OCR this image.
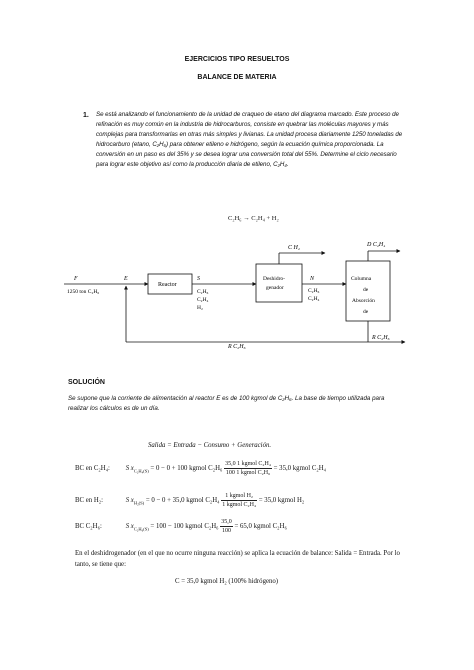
EJERCICIOS TIPO RESUELTOS
BALANCE DE MATERIA
1. Se está analizando el funcionamiento de la unidad de craqueo de etano del diagrama marcado. Este proceso de refinación es muy común en la industria de hidrocarburos, consiste en quebrar las moléculas mayores y más complejas para transformarlas en otras más simples y livianas. La unidad procesa diariamente 1250 toneladas de hidrocarburo (etano, C₂H₆) para obtener etileno e hidrógeno, según la ecuación química proporcionada. La conversión en un paso es del 35% y se desea lograr una conversión total del 55%. Determine el ciclo necesario para lograr este objetivo así como la producción diaria de etileno, C₂H₄.
C₂H₆ → C₂H₄ + H₂
F
1250 ton C₂H₆
E
Reactor
S
C₂H₆
C₂H₄
H₂
Deshidro-
genador
C H₂
N
C₂H₆
C₂H₄
Columna
de
Absorción
de
D C₂H₄
R C₂H₆
R C₂H₆
SOLUCIÓN
Se supone que la corriente de alimentación al reactor E es de 100 kgmol de C₂H₆. La base de tiempo utilizada para realizar los cálculos es de un día.
Salida = Entrada − Consumo + Generación.
BC en C₂H₄: S $x_{C_2H_4(S)} = 0 - 0 + 100$ kgmol $C_2H_6 \frac{\text{35,0 1 kgmol C₂H₄}}{\text{100 1 kgmol C₂H₆}} = 35,0$ kgmol C₂H₄
BC en H₂:	S $x_{H_2(S)} = 0 - 0 + 35,0$ kgmol $C_2H_4 \frac{\text{1 kgmol H₂}}{\text{1 kgmol C₂H₄}} = 35,0$ kgmol H₂
BC C₂H₆:	S $x_{C_2H_6(S)} = 100 - 100$ kgmol $C_2H_6 \frac{35,0}{100} = 65,0$ kgmol C₂H₆
En el deshidrogenador (en el que no ocurre ninguna reacción) se aplica la ecuación de balance: Salida = Entrada. Por lo tanto, se tiene que:
C = 35,0 kgmol H₂ (100% hidrógeno)
